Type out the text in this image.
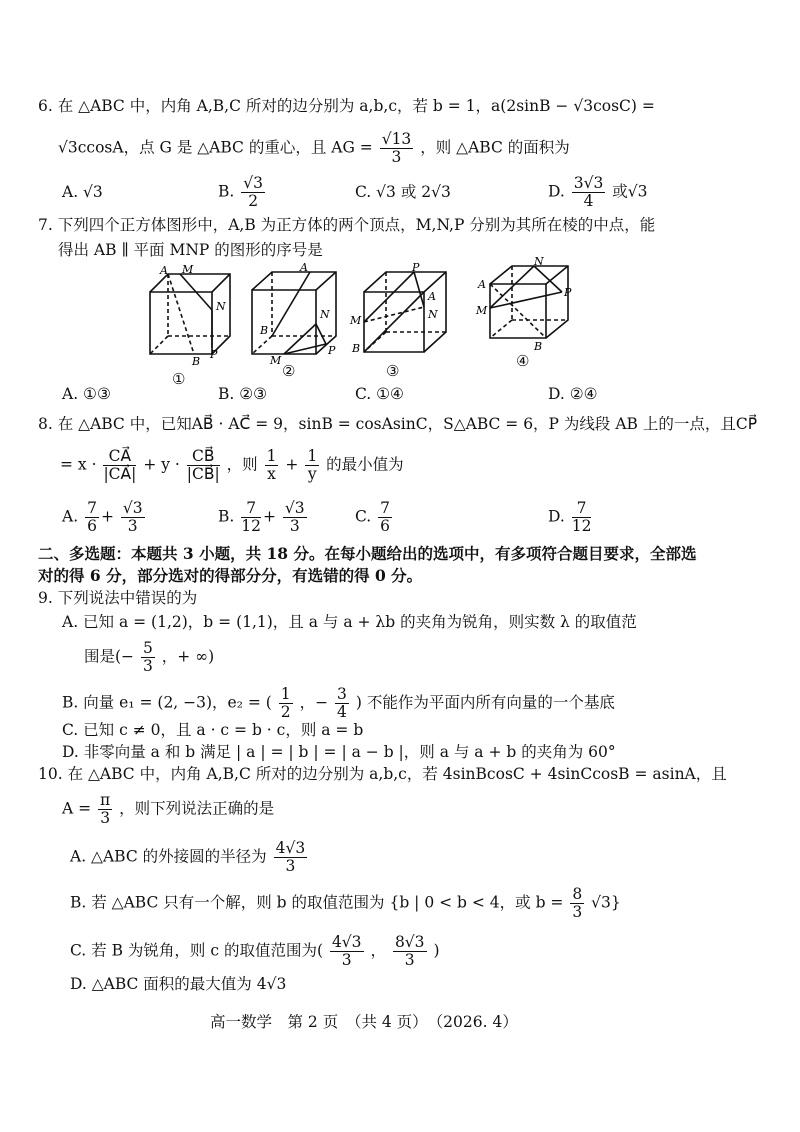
6. 在 △ABC 中，内角 A,B,C 所对的边分别为 a,b,c，若 b = 1，a(2sinB − √3cosC) =
√3ccosA，点 G 是 △ABC 的重心，且 AG = $\frac{√13}{3}$ ，则 △ABC 的面积为
A. √3	B. $\frac{√3}{2}$	C. √3 或 2√3	D. $\frac{3√3}{4}$ 或√3
7. 下列四个正方体图形中，A,B 为正方体的两个顶点，M,N,P 分别为其所在棱的中点，能
得出 AB ∥ 平面 MNP 的图形的序号是
A M
N
B
P
①
A
B
N
M
P
②
P
A
M
B
N
③
N
A
M
P
B
④
A. ①③	B. ②③	C. ①④	D. ②④
8. 在 △ABC 中，已知AB⃗ · AC⃗ = 9，sinB = cosAsinC，S△ABC = 6，P 为线段 AB 上的一点，且CP⃗
= $x \cdot \frac{CA⃗}{|CA⃗|} + y \cdot \frac{CB⃗}{|CB⃗|}$ ，则 $\frac{1}{x} + \frac{1}{y}$ 的最小值为
A. $\frac{7}{6} + \frac{√3}{3}$	B. $\frac{7}{12} + \frac{√3}{3}$	C. $\frac{7}{6}$	D. $\frac{7}{12}$
二、多选题：本题共 3 小题，共 18 分。在每小题给出的选项中，有多项符合题目要求，全部选
对的得 6 分，部分选对的得部分分，有选错的得 0 分。
9. 下列说法中错误的为
A. 已知 a = (1,2)，b = (1,1)，且 a 与 a + λb 的夹角为锐角，则实数 λ 的取值范
围是(− $\frac{5}{3}$ ，+ ∞)
B. 向量 e₁ = (2, −3)，e₂ = ( $\frac{1}{2}$ ，− $\frac{3}{4}$ ) 不能作为平面内所有向量的一个基底
C. 已知 c ≠ 0，且 a · c = b · c，则 a = b
D. 非零向量 a 和 b 满足 | a | = | b | = | a − b |，则 a 与 a + b 的夹角为 60°
10. 在 △ABC 中，内角 A,B,C 所对的边分别为 a,b,c，若 4sinBcosC + 4sinCcosB = asinA，且
$A = \frac{\pi}{3}$ ，则下列说法正确的是
A. △ABC 的外接圆的半径为 $\frac{4√3}{3}$
B. 若 △ABC 只有一个解，则 b 的取值范围为 {b | 0 < b < 4，或 $b = \frac{8}{3} √3$}
C. 若 B 为锐角，则 c 的取值范围为( $\frac{4√3}{3}$ ， $\frac{8√3}{3}$ )
D. △ABC 面积的最大值为 4√3
高一数学　第 2 页　（共 4 页）　（2026. 4）
